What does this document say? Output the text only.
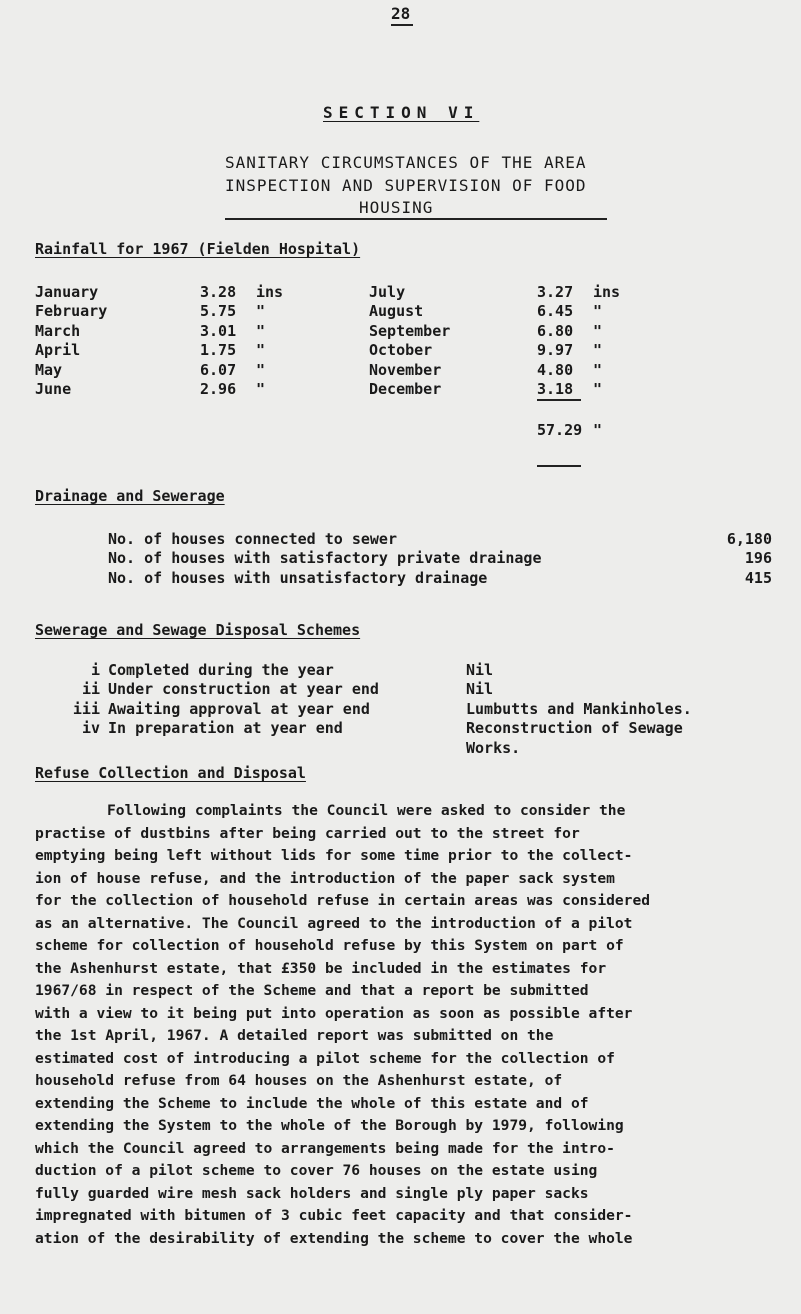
28
SECTION VI
SANITARY CIRCUMSTANCES OF THE AREA
INSPECTION AND SUPERVISION OF FOOD
HOUSING
Rainfall for 1967 (Fielden Hospital)
January
February
March
April
May
June
3.28
5.75
3.01
1.75
6.07
2.96
ins
"
"
"
"
"
July
August
September
October
November
December
3.27
6.45
6.80
9.97
4.80
3.18
ins
"
"
"
"
"
57.29 "
Drainage and Sewerage
No. of houses connected to sewer
No. of houses with satisfactory private drainage
No. of houses with unsatisfactory drainage
6,180
196
415
Sewerage and Sewage Disposal Schemes
i
ii
iii
iv
Completed during the year
Under construction at year end
Awaiting approval at year end
In preparation at year end
Nil
Nil
Lumbutts and Mankinholes.
Reconstruction of Sewage
Works.
Refuse Collection and Disposal
Following complaints the Council were asked to consider the
practise of dustbins after being carried out to the street for
emptying being left without lids for some time prior to the collect-
ion of house refuse, and the introduction of the paper sack system
for the collection of household refuse in certain areas was considered
as an alternative. The Council agreed to the introduction of a pilot
scheme for collection of household refuse by this System on part of
the Ashenhurst estate, that £350 be included in the estimates for
1967/68 in respect of the Scheme and that a report be submitted
with a view to it being put into operation as soon as possible after
the 1st April, 1967. A detailed report was submitted on the
estimated cost of introducing a pilot scheme for the collection of
household refuse from 64 houses on the Ashenhurst estate, of
extending the Scheme to include the whole of this estate and of
extending the System to the whole of the Borough by 1979, following
which the Council agreed to arrangements being made for the intro-
duction of a pilot scheme to cover 76 houses on the estate using
fully guarded wire mesh sack holders and single ply paper sacks
impregnated with bitumen of 3 cubic feet capacity and that consider-
ation of the desirability of extending the scheme to cover the whole
